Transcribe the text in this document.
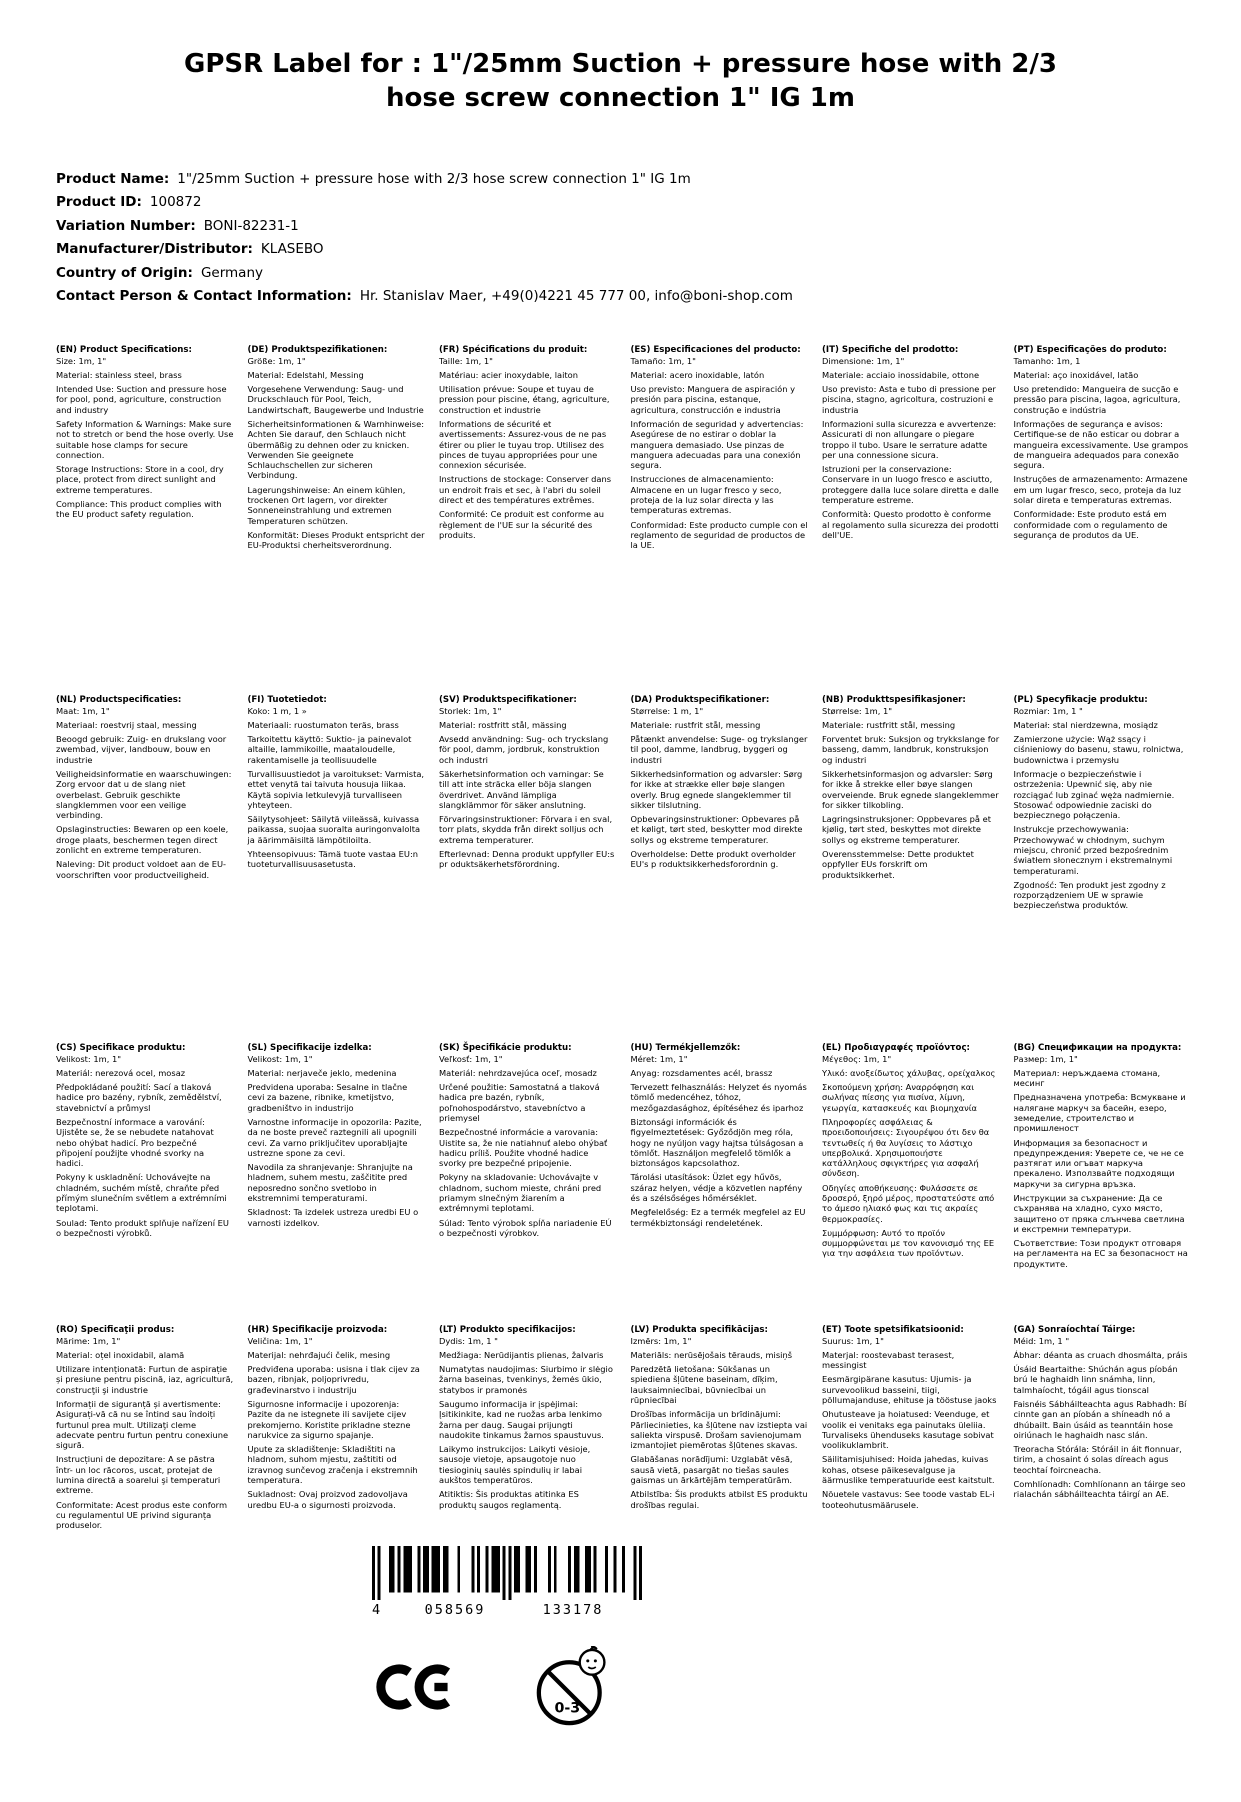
GPSR Label for : 1"/25mm Suction + pressure hose with 2/3 hose screw connection 1" IG 1m
Product Name: 1"/25mm Suction + pressure hose with 2/3 hose screw connection 1" IG 1m
Product ID: 100872
Variation Number: BONI-82231-1
Manufacturer/Distributor: KLASEBO
Country of Origin: Germany
Contact Person & Contact Information: Hr. Stanislav Maer, +49(0)4221 45 777 00, info@boni-shop.com
(EN) Product Specifications:
Size: 1m, 1"
Material: stainless steel, brass
Intended Use: Suction and pressure hose for pool, pond, agriculture, construction and industry
Safety Information & Warnings: Make sure not to stretch or bend the hose overly. Use suitable hose clamps for secure connection.
Storage Instructions: Store in a cool, dry place, protect from direct sunlight and extreme temperatures.
Compliance: This product complies with the EU product safety regulation.
(DE) Produktspezifikationen:
Größe: 1m, 1"
Material: Edelstahl, Messing
Vorgesehene Verwendung: Saug- und Druckschlauch für Pool, Teich, Landwirtschaft, Baugewerbe und Industrie
Sicherheitsinformationen & Warnhinweise: Achten Sie darauf, den Schlauch nicht übermäßig zu dehnen oder zu knicken. Verwenden Sie geeignete Schlauchschellen zur sicheren Verbindung.
Lagerungshinweise: An einem kühlen, trockenen Ort lagern, vor direkter Sonneneinstrahlung und extremen Temperaturen schützen.
Konformität: Dieses Produkt entspricht der EU-Produktsi cherheitsverordnung.
(FR) Spécifications du produit:
Taille: 1m, 1"
Matériau: acier inoxydable, laiton
Utilisation prévue: Soupe et tuyau de pression pour piscine, étang, agriculture, construction et industrie
Informations de sécurité et avertissements: Assurez-vous de ne pas étirer ou plier le tuyau trop. Utilisez des pinces de tuyau appropriées pour une connexion sécurisée.
Instructions de stockage: Conserver dans un endroit frais et sec, à l'abri du soleil direct et des températures extrêmes.
Conformité: Ce produit est conforme au règlement de l'UE sur la sécurité des produits.
(ES) Especificaciones del producto:
Tamaño: 1m, 1"
Material: acero inoxidable, latón
Uso previsto: Manguera de aspiración y presión para piscina, estanque, agricultura, construcción e industria
Información de seguridad y advertencias: Asegúrese de no estirar o doblar la manguera demasiado. Use pinzas de manguera adecuadas para una conexión segura.
Instrucciones de almacenamiento: Almacene en un lugar fresco y seco, proteja de la luz solar directa y las temperaturas extremas.
Conformidad: Este producto cumple con el reglamento de seguridad de productos de la UE.
(IT) Specifiche del prodotto:
Dimensione: 1m, 1"
Materiale: acciaio inossidabile, ottone
Uso previsto: Asta e tubo di pressione per piscina, stagno, agricoltura, costruzioni e industria
Informazioni sulla sicurezza e avvertenze: Assicurati di non allungare o piegare troppo il tubo. Usare le serrature adatte per una connessione sicura.
Istruzioni per la conservazione: Conservare in un luogo fresco e asciutto, proteggere dalla luce solare diretta e dalle temperature estreme.
Conformità: Questo prodotto è conforme al regolamento sulla sicurezza dei prodotti dell'UE.
(PT) Especificações do produto:
Tamanho: 1m, 1
Material: aço inoxidável, latão
Uso pretendido: Mangueira de sucção e pressão para piscina, lagoa, agricultura, construção e indústria
Informações de segurança e avisos: Certifique-se de não esticar ou dobrar a mangueira excessivamente. Use grampos de mangueira adequados para conexão segura.
Instruções de armazenamento: Armazene em um lugar fresco, seco, proteja da luz solar direta e temperaturas extremas.
Conformidade: Este produto está em conformidade com o regulamento de segurança de produtos da UE.
(NL) Productspecificaties:
Maat: 1m, 1"
Materiaal: roestvrij staal, messing
Beoogd gebruik: Zuig- en drukslang voor zwembad, vijver, landbouw, bouw en industrie
Veiligheidsinformatie en waarschuwingen: Zorg ervoor dat u de slang niet overbelast. Gebruik geschikte slangklemmen voor een veilige verbinding.
Opslaginstructies: Bewaren op een koele, droge plaats, beschermen tegen direct zonlicht en extreme temperaturen.
Naleving: Dit product voldoet aan de EU-voorschriften voor productveiligheid.
(FI) Tuotetiedot:
Koko: 1 m, 1 »
Materiaali: ruostumaton teräs, brass
Tarkoitettu käyttö: Suktio- ja painevalot altaille, lammikoille, maataloudelle, rakentamiselle ja teollisuudelle
Turvallisuustiedot ja varoitukset: Varmista, ettet venytä tai taivuta housuja liikaa. Käytä sopivia letkulevyjä turvalliseen yhteyteen.
Säilytysohjeet: Säilytä viileässä, kuivassa paikassa, suojaa suoralta auringonvalolta ja äärimmäisiltä lämpötiloilta.
Yhteensopivuus: Tämä tuote vastaa EU:n tuoteturvallisuusasetusta.
(SV) Produktspecifikationer:
Storlek: 1m, 1"
Material: rostfritt stål, mässing
Avsedd användning: Sug- och tryckslang för pool, damm, jordbruk, konstruktion och industri
Säkerhetsinformation och varningar: Se till att inte sträcka eller böja slangen överdrivet. Använd lämpliga slangklämmor för säker anslutning.
Förvaringsinstruktioner: Förvara i en sval, torr plats, skydda från direkt solljus och extrema temperaturer.
Efterlevnad: Denna produkt uppfyller EU:s pr oduktsäkerhetsförordning.
(DA) Produktspecifikationer:
Størrelse: 1 m, 1"
Materiale: rustfrit stål, messing
Påtænkt anvendelse: Suge- og trykslanger til pool, damme, landbrug, byggeri og industri
Sikkerhedsinformation og advarsler: Sørg for ikke at strække eller bøje slangen overly. Brug egnede slangeklemmer til sikker tilslutning.
Opbevaringsinstruktioner: Opbevares på et køligt, tørt sted, beskytter mod direkte sollys og ekstreme temperaturer.
Overholdelse: Dette produkt overholder EU's p roduktsikkerhedsforordnin g.
(NB) Produkttspesifikasjoner:
Størrelse: 1m, 1"
Materiale: rustfritt stål, messing
Forventet bruk: Suksjon og trykkslange for basseng, damm, landbruk, konstruksjon og industri
Sikkerhetsinformasjon og advarsler: Sørg for ikke å strekke eller bøye slangen overveiende. Bruk egnede slangeklemmer for sikker tilkobling.
Lagringsinstruksjoner: Oppbevares på et kjølig, tørt sted, beskyttes mot direkte sollys og ekstreme temperaturer.
Overensstemmelse: Dette produktet oppfyller EUs forskrift om produktsikkerhet.
(PL) Specyfikacje produktu:
Rozmiar: 1m, 1 "
Materiał: stal nierdzewna, mosiądz
Zamierzone użycie: Wąż ssący i ciśnieniowy do basenu, stawu, rolnictwa, budownictwa i przemysłu
Informacje o bezpieczeństwie i ostrzeżenia: Upewnić się, aby nie rozciągać lub zginać węża nadmiernie. Stosować odpowiednie zaciski do bezpiecznego połączenia.
Instrukcje przechowywania: Przechowywać w chłodnym, suchym miejscu, chronić przed bezpośrednim światłem słonecznym i ekstremalnymi temperaturami.
Zgodność: Ten produkt jest zgodny z rozporządzeniem UE w sprawie bezpieczeństwa produktów.
(CS) Specifikace produktu:
Velikost: 1m, 1"
Materiál: nerezová ocel, mosaz
Předpokládané použití: Sací a tlaková hadice pro bazény, rybník, zemědělství, stavebnictví a průmysl
Bezpečnostní informace a varování: Ujistěte se, že se nebudete natahovat nebo ohýbat hadicí. Pro bezpečné připojení použijte vhodné svorky na hadici.
Pokyny k uskladnění: Uchovávejte na chladném, suchém místě, chraňte před přímým slunečním světlem a extrémními teplotami.
Soulad: Tento produkt splňuje nařízení EU o bezpečnosti výrobků.
(SL) Specifikacije izdelka:
Velikost: 1m, 1"
Material: nerjaveče jeklo, medenina
Predvidena uporaba: Sesalne in tlačne cevi za bazene, ribnike, kmetijstvo, gradbeništvo in industrijo
Varnostne informacije in opozorila: Pazite, da ne boste preveč raztegnili ali upognili cevi. Za varno priključitev uporabljajte ustrezne spone za cevi.
Navodila za shranjevanje: Shranjujte na hladnem, suhem mestu, zaščitite pred neposredno sončno svetlobo in ekstremnimi temperaturami.
Skladnost: Ta izdelek ustreza uredbi EU o varnosti izdelkov.
(SK) Špecifikácie produktu:
Veľkosť: 1m, 1"
Materiál: nehrdzavejúca oceľ, mosadz
Určené použitie: Samostatná a tlaková hadica pre bazén, rybník, poľnohospodárstvo, stavebníctvo a priemysel
Bezpečnostné informácie a varovania: Uistite sa, že nie natiahnuť alebo ohýbať hadicu príliš. Použite vhodné hadice svorky pre bezpečné pripojenie.
Pokyny na skladovanie: Uchovávajte v chladnom, suchom mieste, chráni pred priamym slnečným žiarením a extrémnymi teplotami.
Súlad: Tento výrobok spĺňa nariadenie EÚ o bezpečnosti výrobkov.
(HU) Termékjellemzők:
Méret: 1m, 1"
Anyag: rozsdamentes acél, brassz
Tervezett felhasználás: Helyzet és nyomás tömlő medencéhez, tóhoz, mezőgazdasághoz, építéséhez és iparhoz
Biztonsági információk és figyelmeztetések: Győződjön meg róla, hogy ne nyúljon vagy hajtsa túlságosan a tömlőt. Használjon megfelelő tömlők a biztonságos kapcsolathoz.
Tárolási utasítások: Üzlet egy hűvös, száraz helyen, védje a közvetlen napfény és a szélsőséges hőmérséklet.
Megfelelőség: Ez a termék megfelel az EU termékbiztonsági rendeletének.
(EL) Προδιαγραφές προϊόντος:
Μέγεθος: 1m, 1"
Υλικό: ανοξείδωτος χάλυβας, ορείχαλκος
Σκοπούμενη χρήση: Αναρρόφηση και σωλήνας πίεσης για πισίνα, λίμνη, γεωργία, κατασκευές και βιομηχανία
Πληροφορίες ασφάλειας & προειδοποιήσεις: Σιγουρέψου ότι δεν θα τεντωθείς ή θα λυγίσεις το λάστιχο υπερβολικά. Χρησιμοποιήστε κατάλληλους σφιγκτήρες για ασφαλή σύνδεση.
Οδηγίες αποθήκευσης: Φυλάσσετε σε δροσερό, ξηρό μέρος, προστατεύστε από το άμεσο ηλιακό φως και τις ακραίες θερμοκρασίες.
Συμμόρφωση: Αυτό το προϊόν συμμορφώνεται με τον κανονισμό της ΕΕ για την ασφάλεια των προϊόντων.
(BG) Спецификации на продукта:
Размер: 1m, 1"
Материал: неръждаема стомана, месинг
Предназначена употреба: Всмукване и налягане маркуч за басейн, езеро, земеделие, строителство и промишленост
Информация за безопасност и предупреждения: Уверете се, че не се разтягат или огъват маркуча прекалено. Използвайте подходящи маркучи за сигурна връзка.
Инструкции за съхранение: Да се съхранява на хладно, сухо място, защитено от пряка слънчева светлина и екстремни температури.
Съответствие: Този продукт отговаря на регламента на ЕС за безопасност на продуктите.
(RO) Specificaţii produs:
Mărime: 1m, 1"
Material: oțel inoxidabil, alamă
Utilizare intenționată: Furtun de aspirație și presiune pentru piscină, iaz, agricultură, construcţii şi industrie
Informații de siguranță și avertismente: Asigurați-vă că nu se întind sau îndoiți furtunul prea mult. Utilizaţi cleme adecvate pentru furtun pentru conexiune sigură.
Instrucțiuni de depozitare: A se păstra într- un loc răcoros, uscat, protejat de lumina directă a soarelui şi temperaturi extreme.
Conformitate: Acest produs este conform cu regulamentul UE privind siguranța produselor.
(HR) Specifikacije proizvoda:
Veličina: 1m, 1"
Materijal: nehrđajući čelik, mesing
Predviđena uporaba: usisna i tlak cijev za bazen, ribnjak, poljoprivredu, građevinarstvo i industriju
Sigurnosne informacije i upozorenja: Pazite da ne istegnete ili savijete cijev prekomjerno. Koristite prikladne stezne narukvice za sigurno spajanje.
Upute za skladištenje: Skladištiti na hladnom, suhom mjestu, zaštititi od izravnog sunčevog zračenja i ekstremnih temperatura.
Sukladnost: Ovaj proizvod zadovoljava uredbu EU-a o sigurnosti proizvoda.
(LT) Produkto specifikacijos:
Dydis: 1m, 1 "
Medžiaga: Nerūdijantis plienas, žalvaris
Numatytas naudojimas: Siurbimo ir slėgio žarna baseinas, tvenkinys, žemės ūkio, statybos ir pramonės
Saugumo informacija ir įspėjimai: Įsitikinkite, kad ne ruožas arba lenkimo žarna per daug. Saugai prijungti naudokite tinkamus žarnos spaustuvus.
Laikymo instrukcijos: Laikyti vėsioje, sausoje vietoje, apsaugotoje nuo tiesioginių saulės spindulių ir labai aukštos temperatūros.
Atitiktis: Šis produktas atitinka ES produktų saugos reglamentą.
(LV) Produkta specifikācijas:
Izmērs: 1m, 1"
Materiāls: nerūsējošais tērauds, misiņš
Paredzētā lietošana: Sūkšanas un spiediena šļūtene baseinam, dīķim, lauksaimniecībai, būvniecībai un rūpniecībai
Drošības informācija un brīdinājumi: Pārliecinieties, ka šļūtene nav izstiepta vai saliekta virspusē. Drošam savienojumam izmantojiet piemērotas šļūtenes skavas.
Glabāšanas norādījumi: Uzglabāt vēsā, sausā vietā, pasargāt no tiešas saules gaismas un ārkārtējām temperatūrām.
Atbilstība: Šis produkts atbilst ES produktu drošības regulai.
(ET) Toote spetsifikatsioonid:
Suurus: 1m, 1"
Materjal: roostevabast terasest, messingist
Eesmärgipärane kasutus: Ujumis- ja survevoolikud basseini, tiigi, põllumajanduse, ehituse ja tööstuse jaoks
Ohutusteave ja hoiatused: Veenduge, et voolik ei venitaks ega painutaks üleliia. Turvaliseks ühenduseks kasutage sobivat voolikuklambrit.
Säilitamisjuhised: Hoida jahedas, kuivas kohas, otsese päikesevalguse ja äärmuslike temperatuuride eest kaitstult.
Nõuetele vastavus: See toode vastab EL-i tooteohutusmäärusele.
(GA) Sonraíochtaí Táirge:
Méid: 1m, 1 "
Ábhar: déanta as cruach dhosmálta, práis
Úsáid Beartaithe: Shúchán agus píobán brú le haghaidh linn snámha, linn, talmhaíocht, tógáil agus tionscal
Faisnéis Sábháilteachta agus Rabhadh: Bí cinnte gan an píobán a shíneadh nó a dhúbailt. Bain úsáid as teanntáin hose oiriúnach le haghaidh nasc slán.
Treoracha Stórála: Stóráil in áit fionnuar, tirim, a chosaint ó solas díreach agus teochtaí foircneacha.
Comhlíonadh: Comhlíonann an táirge seo rialachán sábháilteachta táirgí an AE.
4	058569	133178
0-3
